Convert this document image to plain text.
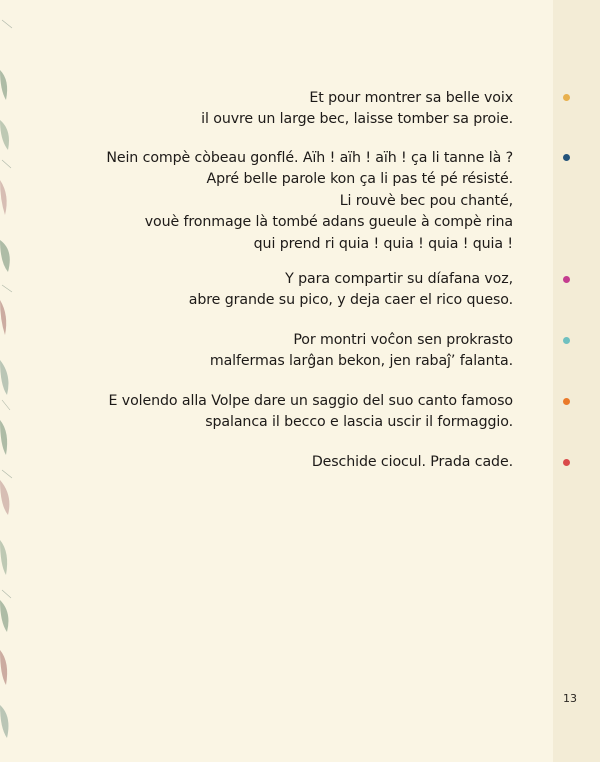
Et pour montrer sa belle voix
il ouvre un large bec, laisse tomber sa proie.
Nein compè còbeau gonflé. Aïh ! aïh ! aïh ! ça li tanne là ?
Apré belle parole kon ça li pas té pé résisté.
Li rouvè bec pou chanté,
vouè fronmage là tombé adans gueule à compè rina
qui prend ri quia ! quia ! quia ! quia !
Y para compartir su díafana voz,
abre grande su pico, y deja caer el rico queso.
Por montri voĉon sen prokrasto
malfermas larĝan bekon, jen rabaĵ’ falanta.
E volendo alla Volpe dare un saggio del suo canto famoso
spalanca il becco e lascia uscir il formaggio.
Deschide ciocul. Prada cade.
13
